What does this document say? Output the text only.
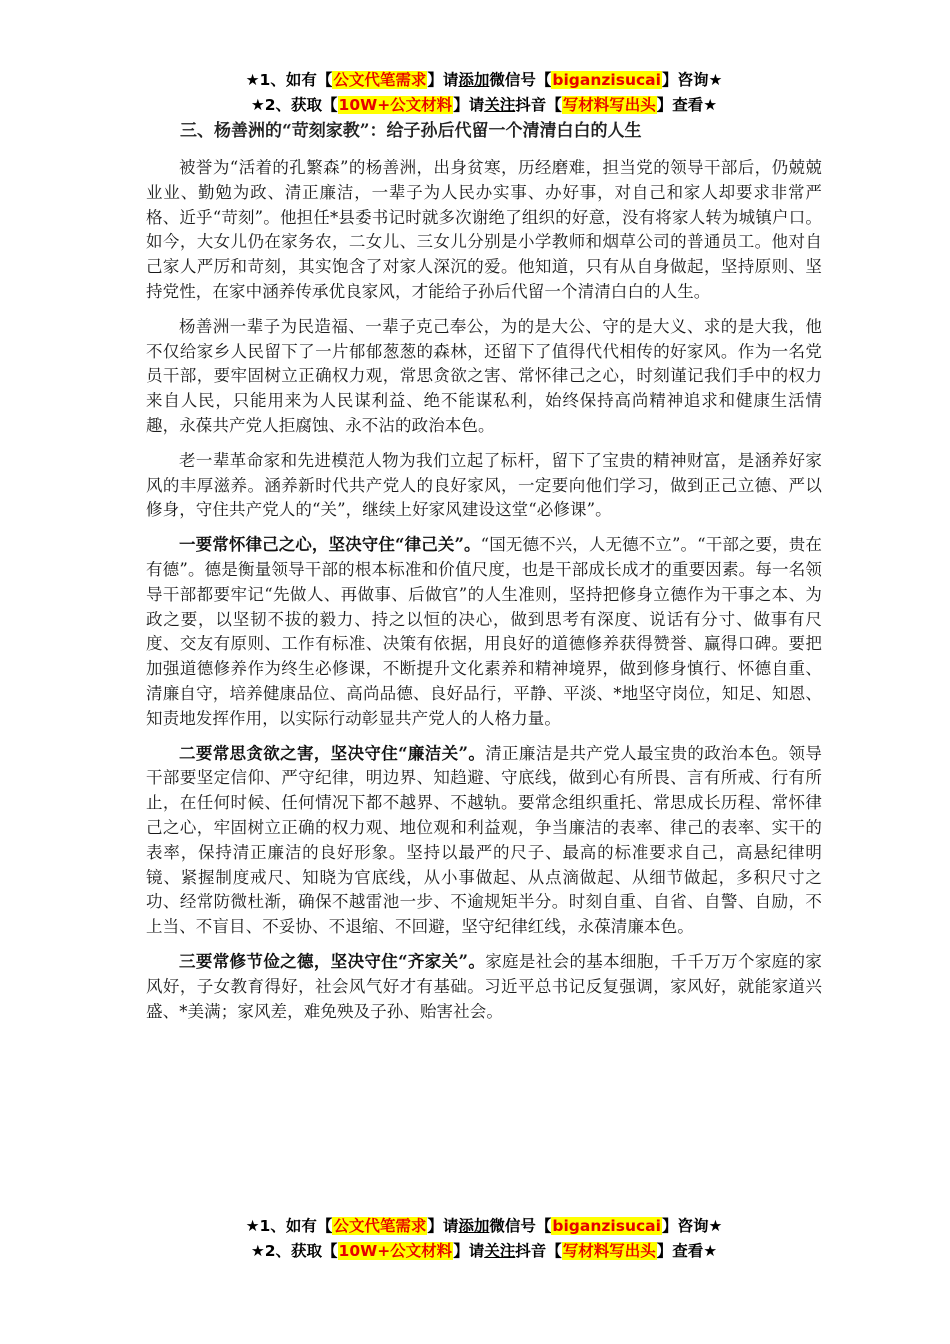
★1、如有【公文代笔需求】请添加微信号【biganzisucai】咨询★
★2、获取【10W+公文材料】请关注抖音【写材料写出头】查看★
三、杨善洲的“苛刻家教”：给子孙后代留一个清清白白的人生

被誉为“活着的孔繁森”的杨善洲，出身贫寒，历经磨难，担当党的领导干部后，仍兢兢业业、勤勉为政、清正廉洁，一辈子为人民办实事、办好事，对自己和家人却要求非常严格、近乎“苛刻”。他担任*县委书记时就多次谢绝了组织的好意，没有将家人转为城镇户口。如今，大女儿仍在家务农，二女儿、三女儿分别是小学教师和烟草公司的普通员工。他对自己家人严厉和苛刻，其实饱含了对家人深沉的爱。他知道，只有从自身做起，坚持原则、坚持党性，在家中涵养传承优良家风，才能给子孙后代留一个清清白白的人生。

杨善洲一辈子为民造福、一辈子克己奉公，为的是大公、守的是大义、求的是大我，他不仅给家乡人民留下了一片郁郁葱葱的森林，还留下了值得代代相传的好家风。作为一名党员干部，要牢固树立正确权力观，常思贪欲之害、常怀律己之心，时刻谨记我们手中的权力来自人民，只能用来为人民谋利益、绝不能谋私利，始终保持高尚精神追求和健康生活情趣，永葆共产党人拒腐蚀、永不沾的政治本色。

老一辈革命家和先进模范人物为我们立起了标杆，留下了宝贵的精神财富，是涵养好家风的丰厚滋养。涵养新时代共产党人的良好家风，一定要向他们学习，做到正己立德、严以修身，守住共产党人的“关”，继续上好家风建设这堂“必修课”。

一要常怀律己之心，坚决守住“律己关”。“国无德不兴，人无德不立”。“干部之要，贵在有德”。德是衡量领导干部的根本标准和价值尺度，也是干部成长成才的重要因素。每一名领导干部都要牢记“先做人、再做事、后做官”的人生准则，坚持把修身立德作为干事之本、为政之要，以坚韧不拔的毅力、持之以恒的决心，做到思考有深度、说话有分寸、做事有尺度、交友有原则、工作有标准、决策有依据，用良好的道德修养获得赞誉、赢得口碑。要把加强道德修养作为终生必修课，不断提升文化素养和精神境界，做到修身慎行、怀德自重、清廉自守，培养健康品位、高尚品德、良好品行，平静、平淡、*地坚守岗位，知足、知恩、知责地发挥作用，以实际行动彰显共产党人的人格力量。

二要常思贪欲之害，坚决守住“廉洁关”。清正廉洁是共产党人最宝贵的政治本色。领导干部要坚定信仰、严守纪律，明边界、知趋避、守底线，做到心有所畏、言有所戒、行有所止，在任何时候、任何情况下都不越界、不越轨。要常念组织重托、常思成长历程、常怀律己之心，牢固树立正确的权力观、地位观和利益观，争当廉洁的表率、律己的表率、实干的表率，保持清正廉洁的良好形象。坚持以最严的尺子、最高的标准要求自己，高悬纪律明镜、紧握制度戒尺、知晓为官底线，从小事做起、从点滴做起、从细节做起，多积尺寸之功、经常防微杜渐，确保不越雷池一步、不逾规矩半分。时刻自重、自省、自警、自励，不上当、不盲目、不妥协、不退缩、不回避，坚守纪律红线，永葆清廉本色。

三要常修节俭之德，坚决守住“齐家关”。家庭是社会的基本细胞，千千万万个家庭的家风好，子女教育得好，社会风气好才有基础。习近平总书记反复强调，家风好，就能家道兴盛、*美满；家风差，难免殃及子孙、贻害社会。

★1、如有【公文代笔需求】请添加微信号【biganzisucai】咨询★
★2、获取【10W+公文材料】请关注抖音【写材料写出头】查看★
